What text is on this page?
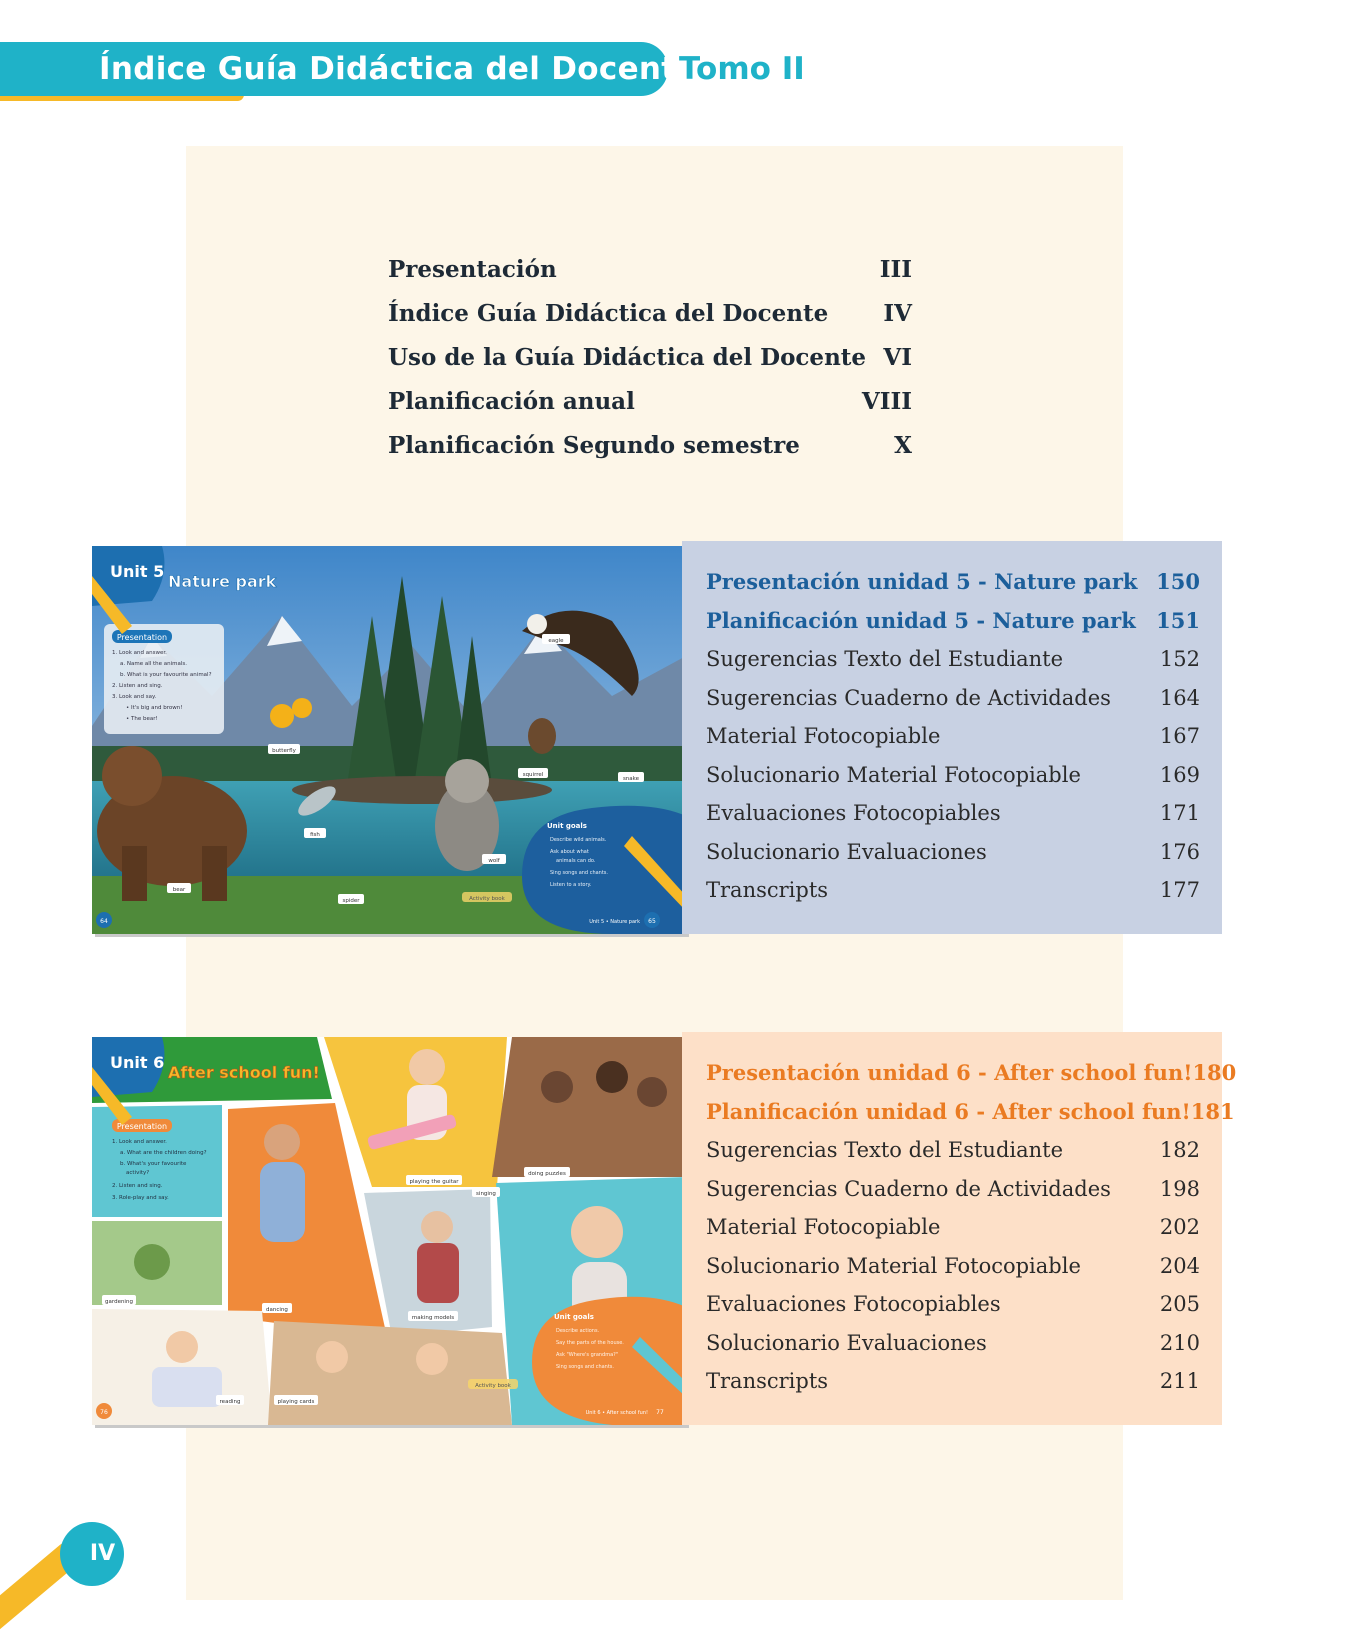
Índice Guía Didáctica del Docente
Tomo II
Presentación	III
Índice Guía Didáctica del Docente IV
Uso de la Guía Didáctica del Docente VI
Planificación anual	VIII
Planificación Segundo semestre	X
Presentation
1. Look and answer.
a. Name all the animals.
b. What is your favourite animal?
2. Listen and sing.
3. Look and say.
• It's big and brown!
• The bear!
Unit 5
Nature park
eagle
butterfly
squirrel
snake
fish
wolf
bear
spider
Unit goals
Describe wild animals.
Ask about what
animals can do.
Sing songs and chants.
Listen to a story.
Activity book
64	65
Unit 5 • Nature park
Presentación unidad 5 - Nature park 150
Planificación unidad 5 - Nature park 151
Sugerencias Texto del Estudiante	152
Sugerencias Cuaderno de Actividades 164
Material Fotocopiable	167
Solucionario Material Fotocopiable	169
Evaluaciones Fotocopiables	171
Solucionario Evaluaciones	176
Transcripts	177
Presentation
1. Look and answer.
a. What are the children doing?
b. What's your favourite
activity?
2. Listen and sing.
3. Role-play and say.
Unit 6
After school fun!
playing the guitar
doing puzzles
singing
gardening
dancing
making models
reading	playing cards
Unit goals
Describe actions.
Say the parts of the house.
Ask "Where's grandma?"
Sing songs and chants.
Activity book
76	77
Unit 6 • After school fun!
Presentación unidad 6 - After school fun! 180
Planificación unidad 6 - After school fun! 181
Sugerencias Texto del Estudiante	182
Sugerencias Cuaderno de Actividades 198
Material Fotocopiable	202
Solucionario Material Fotocopiable	204
Evaluaciones Fotocopiables	205
Solucionario Evaluaciones	210
Transcripts	211
IV
